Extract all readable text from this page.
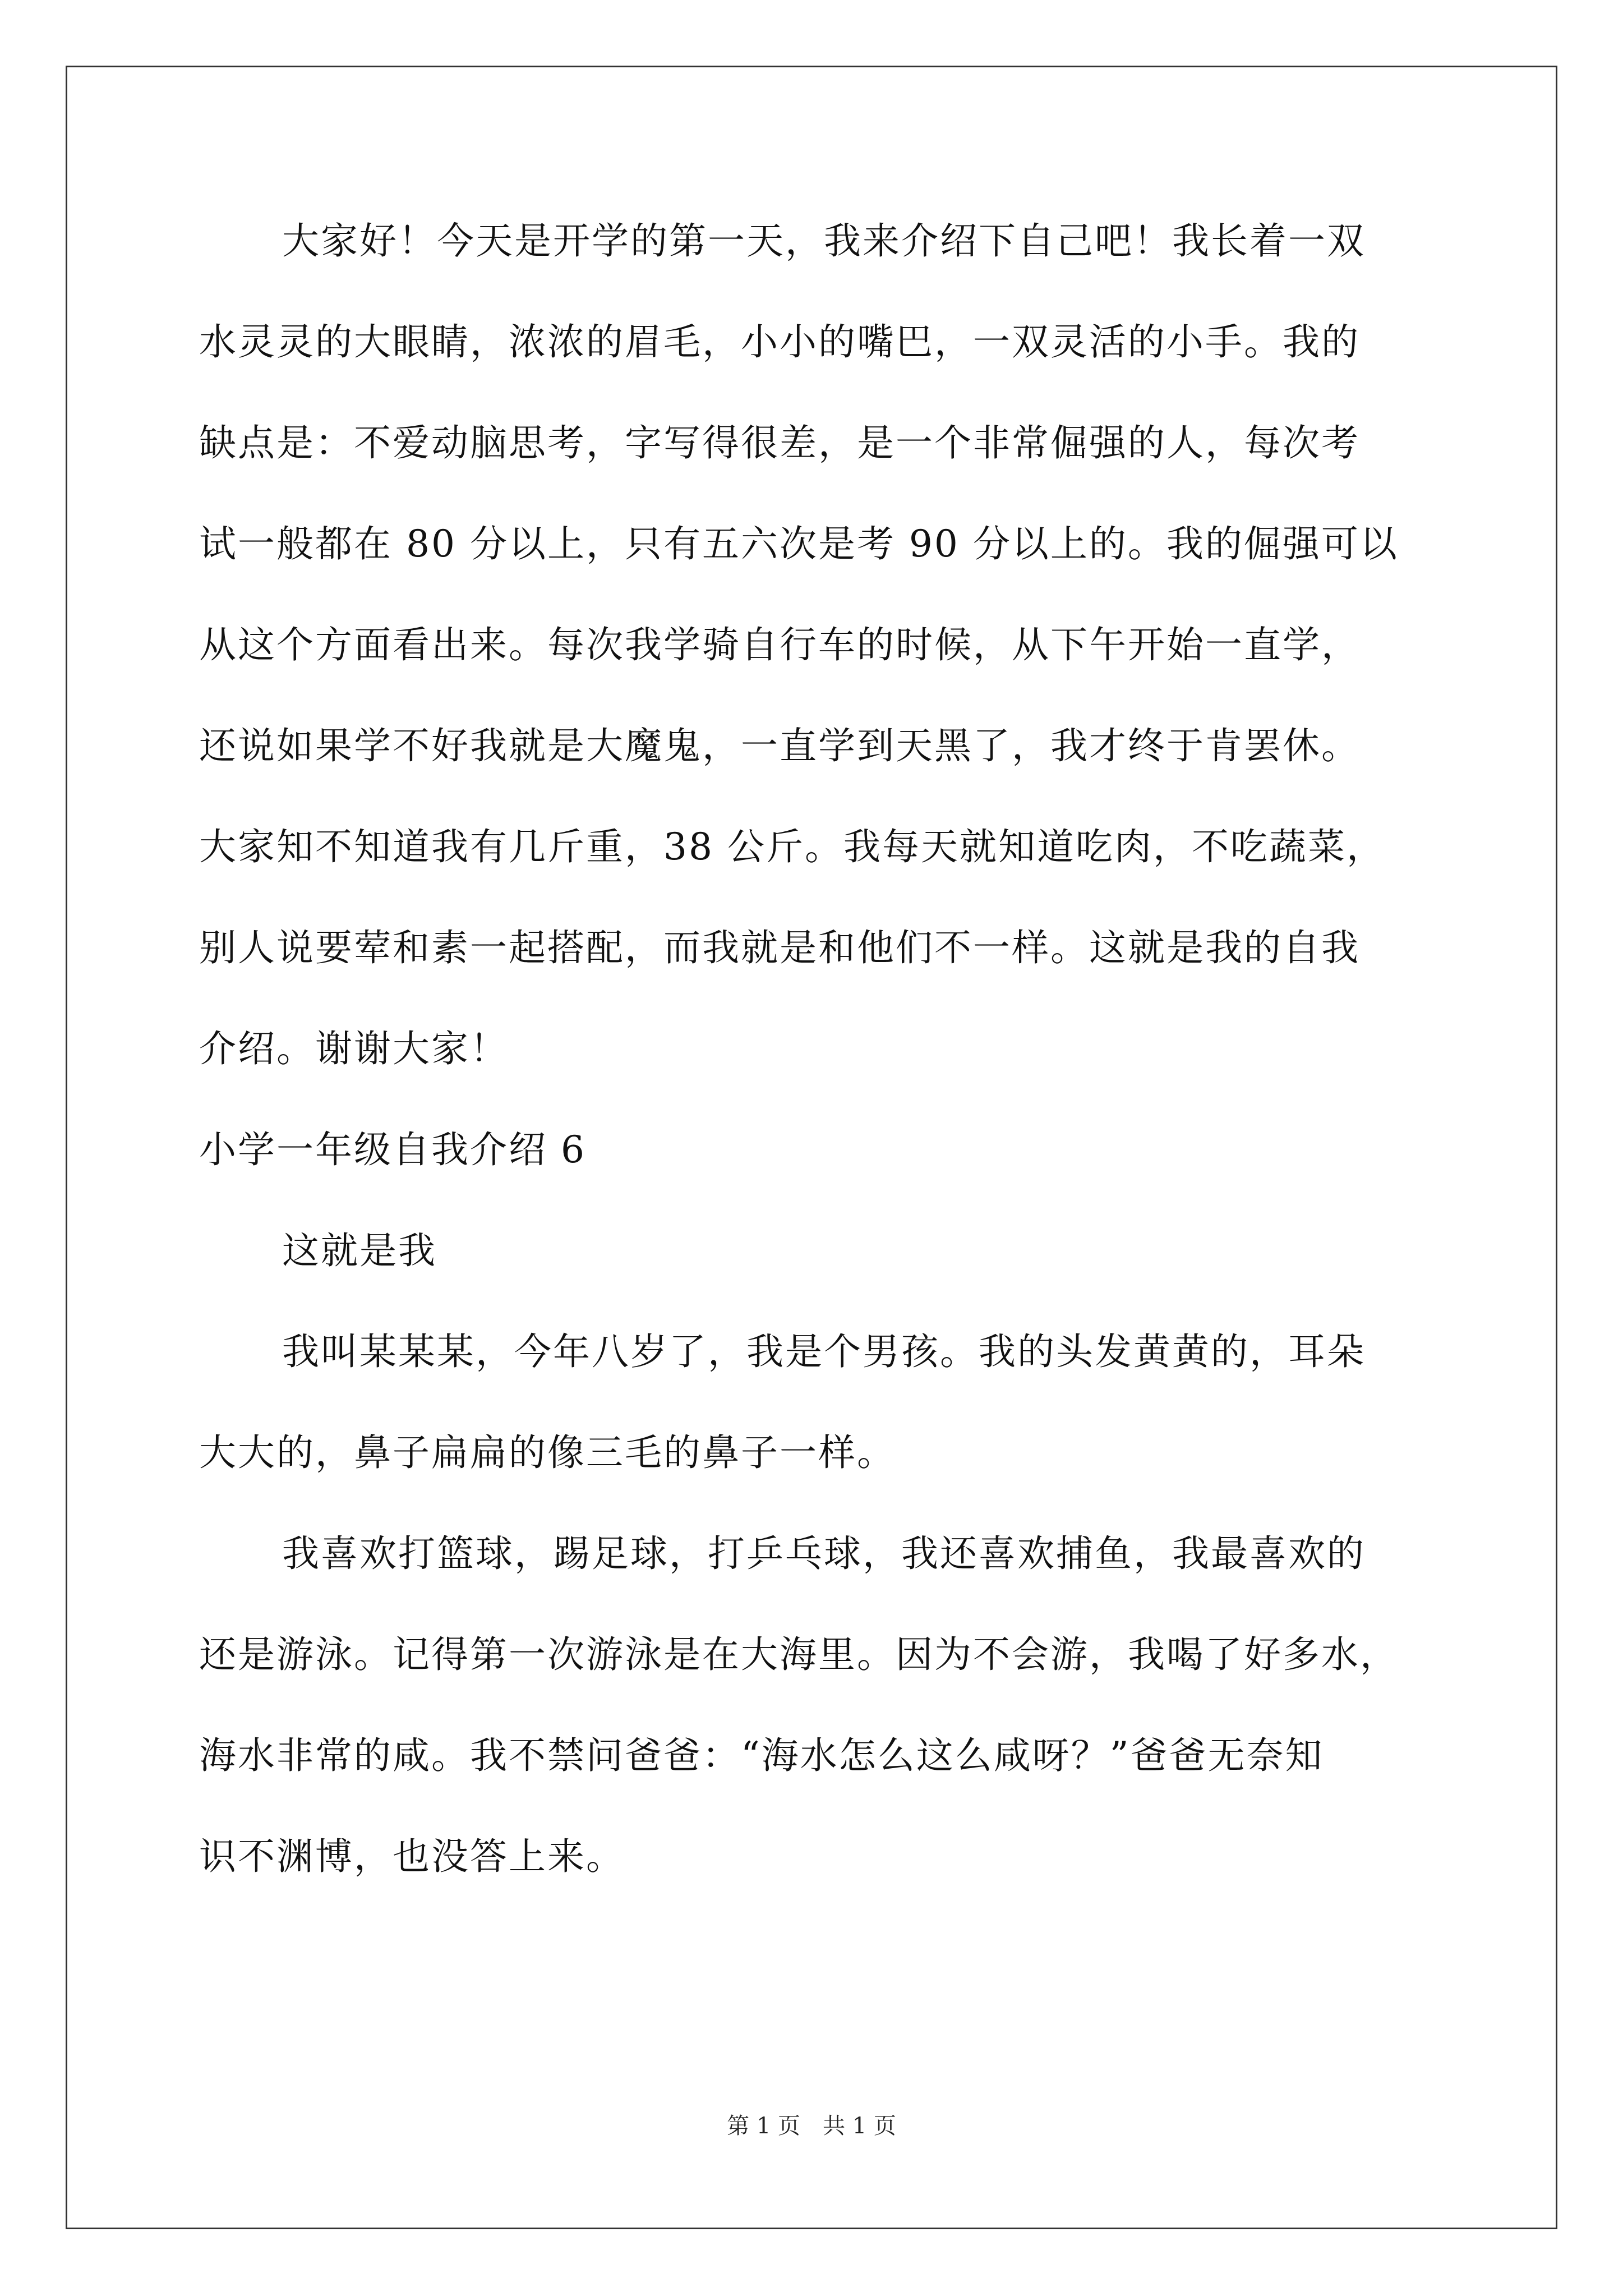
大家好！今天是开学的第一天，我来介绍下自己吧！我长着一双
水灵灵的大眼睛，浓浓的眉毛，小小的嘴巴，一双灵活的小手。我的
缺点是：不爱动脑思考，字写得很差，是一个非常倔强的人，每次考
试一般都在 80 分以上，只有五六次是考 90 分以上的。我的倔强可以
从这个方面看出来。每次我学骑自行车的时候，从下午开始一直学，
还说如果学不好我就是大魔鬼，一直学到天黑了，我才终于肯罢休。
大家知不知道我有几斤重，38 公斤。我每天就知道吃肉，不吃蔬菜，
别人说要荤和素一起搭配，而我就是和他们不一样。这就是我的自我
介绍。谢谢大家！
小学一年级自我介绍 6
这就是我
我叫某某某，今年八岁了，我是个男孩。我的头发黄黄的，耳朵
大大的，鼻子扁扁的像三毛的鼻子一样。
我喜欢打篮球，踢足球，打乒乓球，我还喜欢捕鱼，我最喜欢的
还是游泳。记得第一次游泳是在大海里。因为不会游，我喝了好多水，
海水非常的咸。我不禁问爸爸：“海水怎么这么咸呀？”爸爸无奈知
识不渊博，也没答上来。
第 1 页 共 1 页
